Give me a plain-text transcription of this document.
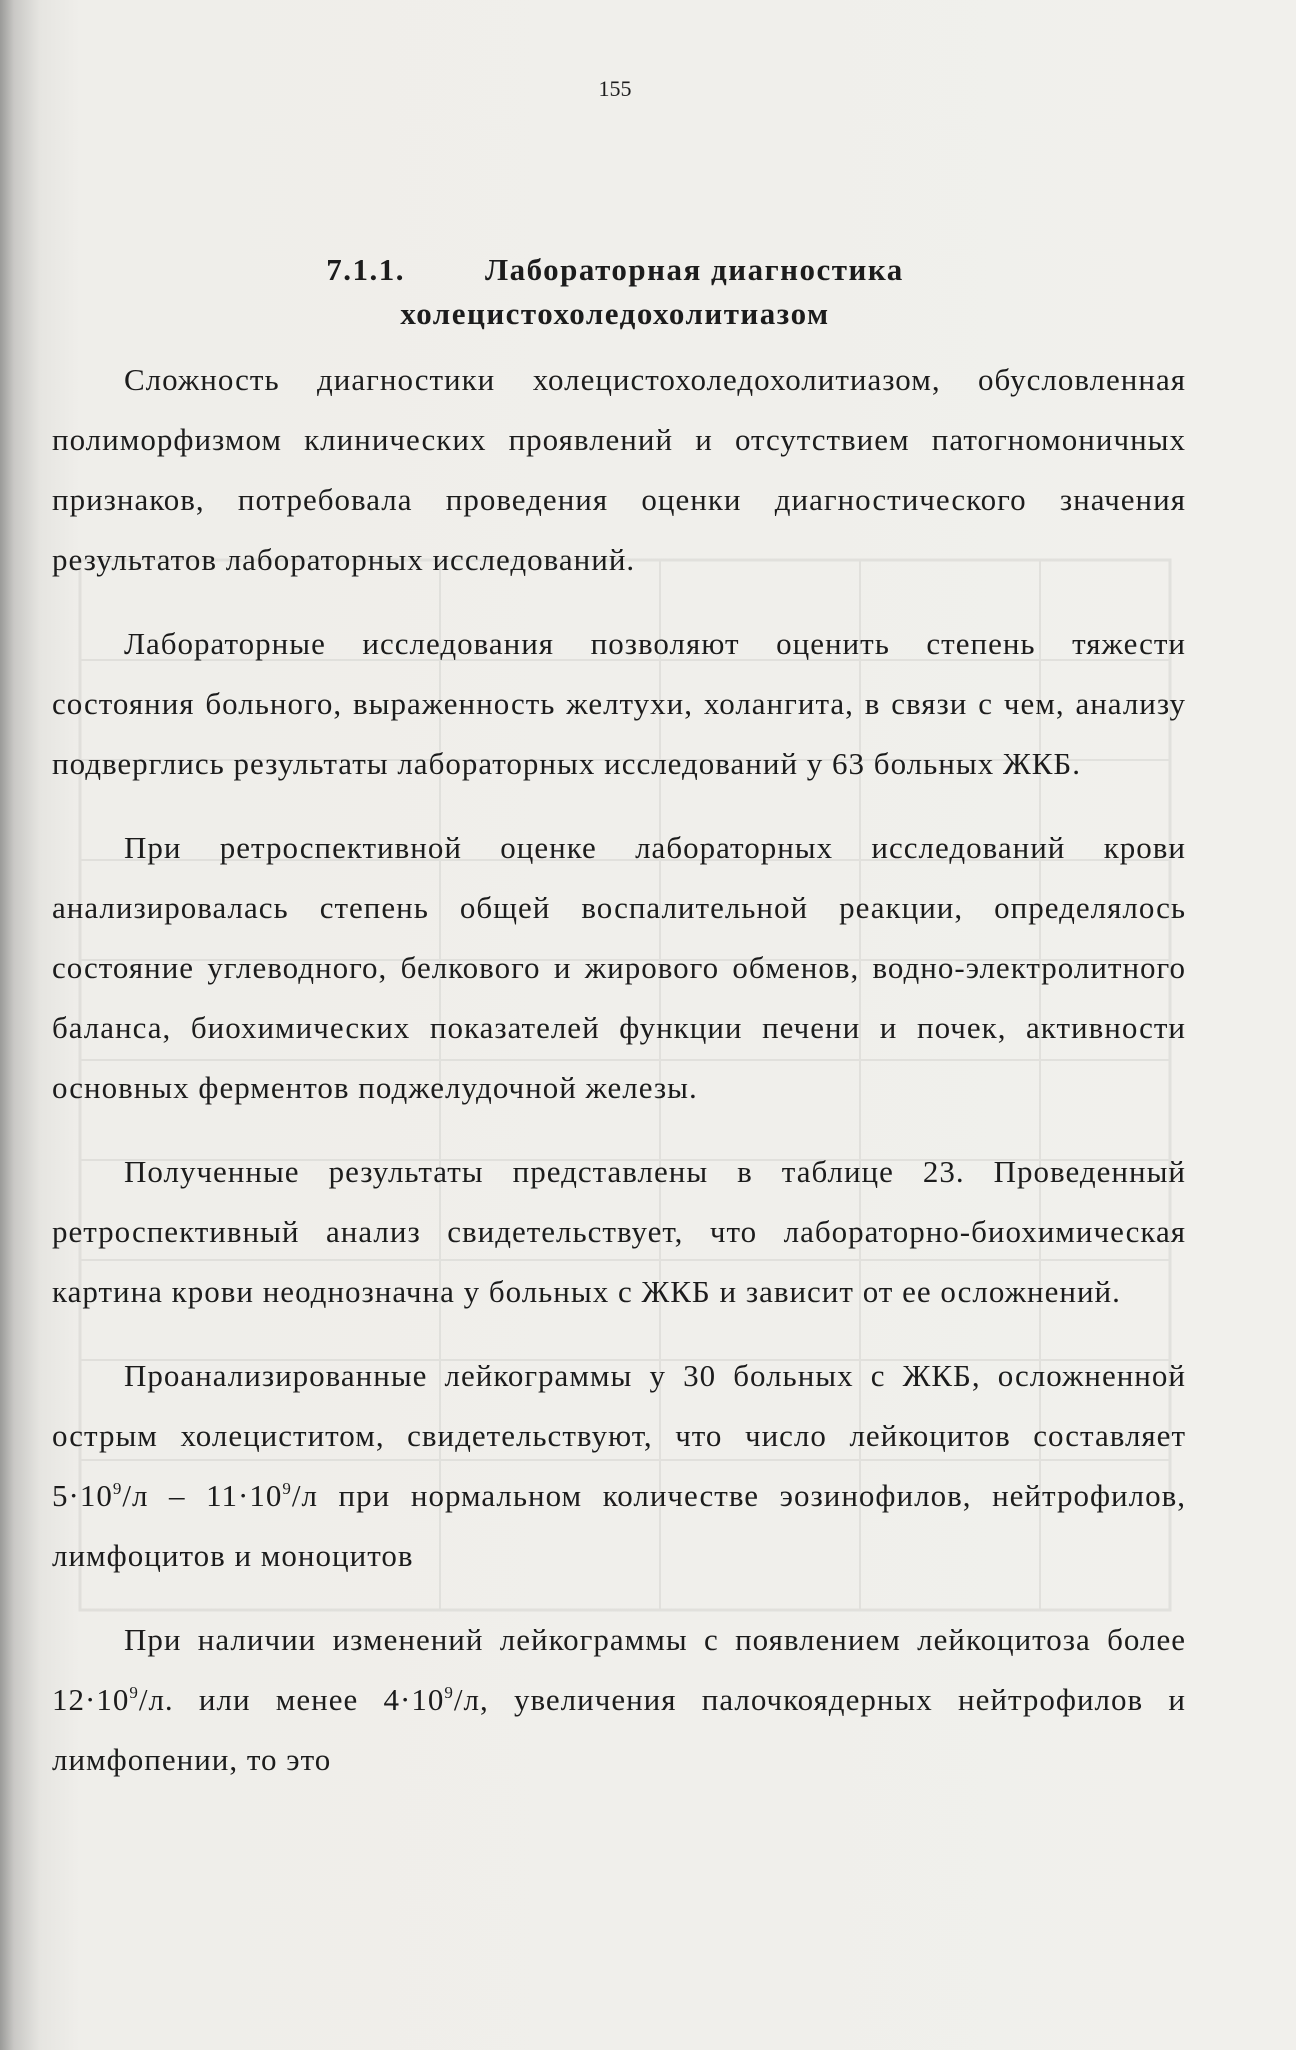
155
7.1.1.	Лабораторная диагностика
холецистохоледохолитиазом

Сложность диагностики холецистохоледохолитиазом, обусловленная полиморфизмом клинических проявлений и отсутствием патогномоничных признаков, потребовала проведения оценки диагностического значения результатов лабораторных исследований.

Лабораторные исследования позволяют оценить степень тяжести состояния больного, выраженность желтухи, холангита, в связи с чем, анализу подверглись результаты лабораторных исследований у 63 больных ЖКБ.

При ретроспективной оценке лабораторных исследований крови анализировалась степень общей воспалительной реакции, определялось состояние углеводного, белкового и жирового обменов, водно-электролитного баланса, биохимических показателей функции печени и почек, активности основных ферментов поджелудочной железы.

Полученные результаты представлены в таблице 23. Проведенный ретроспективный анализ свидетельствует, что лабораторно-биохимическая картина крови неоднозначна у больных с ЖКБ и зависит от ее осложнений.

Проанализированные лейкограммы у 30 больных с ЖКБ, осложненной острым холециститом, свидетельствуют, что число лейкоцитов составляет $5\cdot 10^9/л - 11\cdot 10^9/л$ при нормальном количестве эозинофилов, нейтрофилов, лимфоцитов и моноцитов

При наличии изменений лейкограммы с появлением лейкоцитоза более $12\cdot 10^9/л$. или менее $4\cdot 10^9/л$, увеличения палочкоядерных нейтрофилов и лимфопении, то это
